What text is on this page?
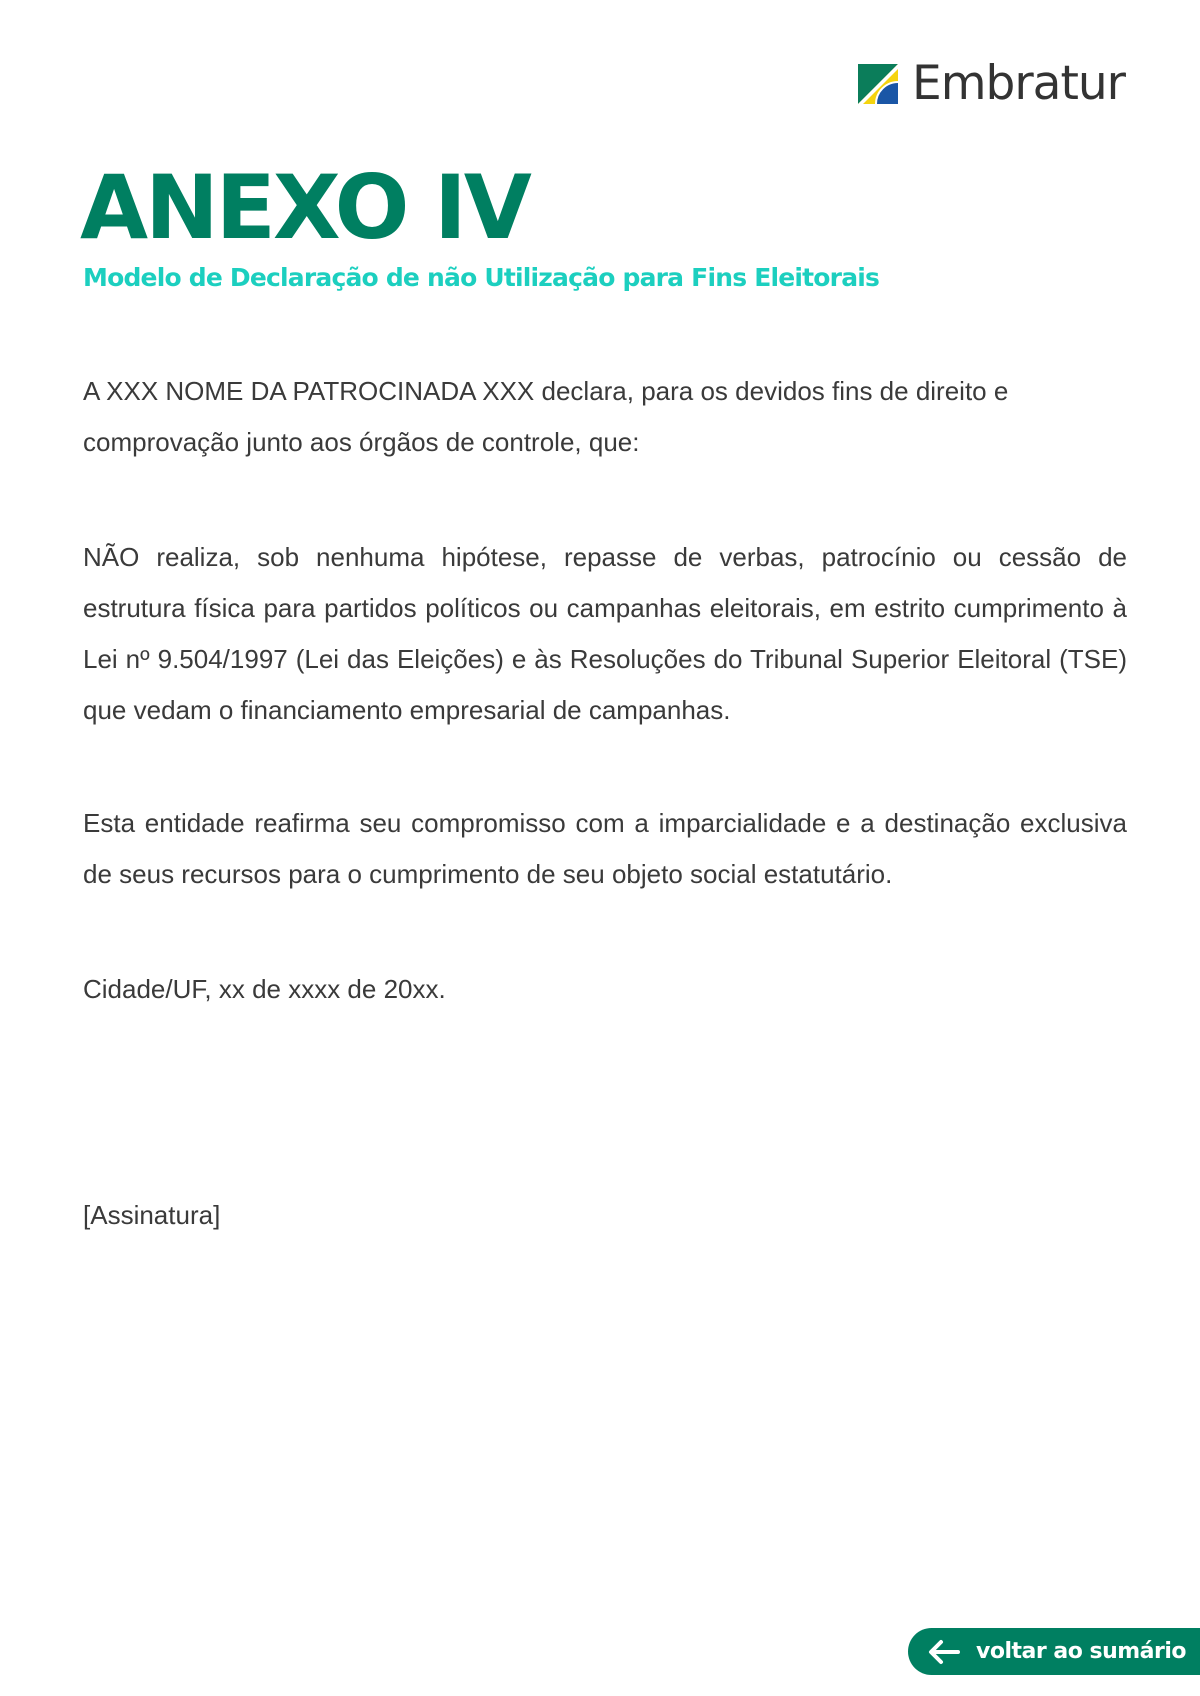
Embratur
ANEXO IV
Modelo de Declaração de não Utilização para Fins Eleitorais

A XXX NOME DA PATROCINADA XXX declara, para os devidos fins de direito e comprovação junto aos órgãos de controle, que:

NÃO realiza, sob nenhuma hipótese, repasse de verbas, patrocínio ou cessão de estrutura física para partidos políticos ou campanhas eleitorais, em estrito cumprimento à Lei nº 9.504/1997 (Lei das Eleições) e às Resoluções do Tribunal Superior Eleitoral (TSE) que vedam o financiamento empresarial de campanhas.

Esta entidade reafirma seu compromisso com a imparcialidade e a destinação exclusiva de seus recursos para o cumprimento de seu objeto social estatutário.

Cidade/UF, xx de xxxx de 20xx.

[Assinatura]

voltar ao sumário
